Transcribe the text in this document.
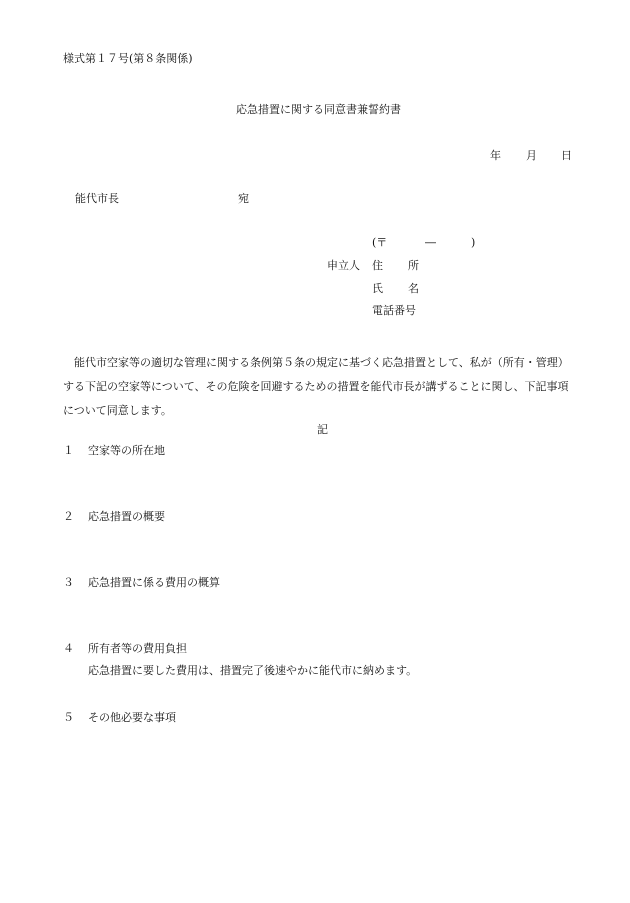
様式第１７号(第８条関係)
応急措置に関する同意書兼誓約書
年 月 日
能代市長	宛
(〒	―	)
申立人 住 所
氏 名
電話番号
能代市空家等の適切な管理に関する条例第５条の規定に基づく応急措置として、私が（所有・管理）する下記の空家等について、その危険を回避するための措置を能代市長が講ずることに関し、下記事項について同意します。
記
１ 空家等の所在地
２ 応急措置の概要
３ 応急措置に係る費用の概算
４ 所有者等の費用負担
応急措置に要した費用は、措置完了後速やかに能代市に納めます。
５ その他必要な事項
